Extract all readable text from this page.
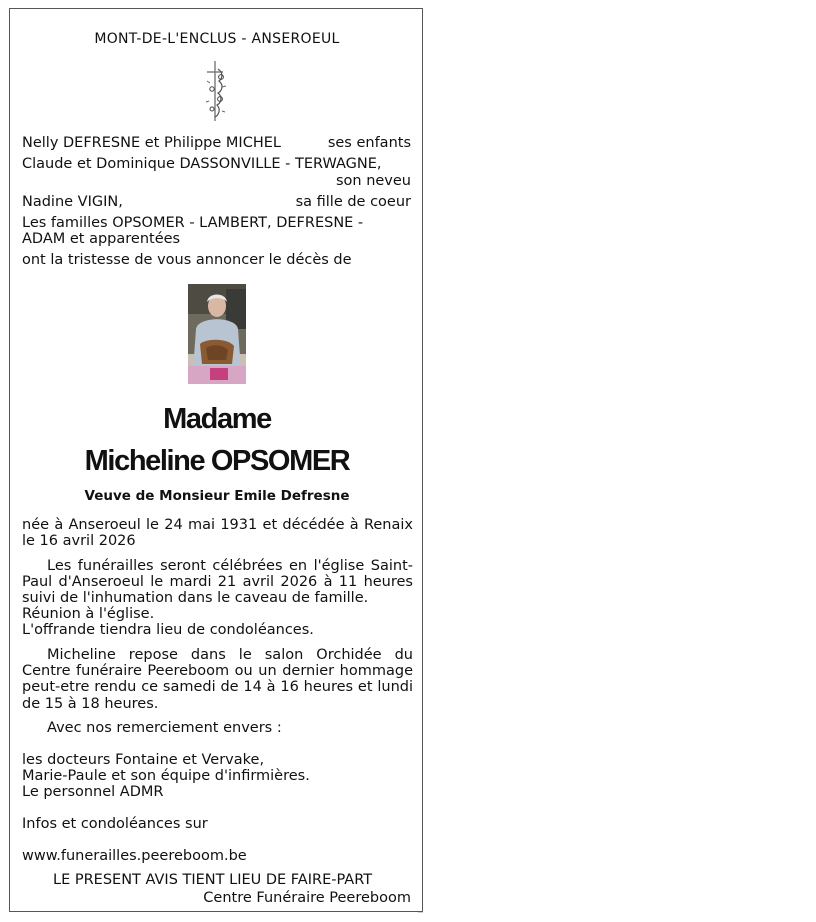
MONT-DE-L'ENCLUS - ANSEROEUL
Nelly DEFRESNE et Philippe MICHEL	ses enfants
Claude et Dominique DASSONVILLE - TERWAGNE,
son neveu
Nadine VIGIN,	sa fille de coeur
Les familles OPSOMER - LAMBERT, DEFRESNE -
ADAM et apparentées
ont la tristesse de vous annoncer le décès de
Madame
Micheline OPSOMER
Veuve de Monsieur Emile Defresne
née à Anseroeul le 24 mai 1931 et décédée à Renaix le 16 avril 2026
Les funérailles seront célébrées en l'église Saint-Paul d'Anseroeul le mardi 21 avril 2026 à 11 heures suivi de l'inhumation dans le caveau de famille.
Réunion à l'église.
L'offrande tiendra lieu de condoléances.
Micheline repose dans le salon Orchidée du Centre funéraire Peereboom ou un dernier hommage peut-etre rendu ce samedi de 14 à 16 heures et lundi de 15 à 18 heures.
Avec nos remerciement envers :
les docteurs Fontaine et Vervake,
Marie-Paule et son équipe d'infirmières.
Le personnel ADMR
Infos et condoléances sur
www.funerailles.peereboom.be
LE PRESENT AVIS TIENT LIEU DE FAIRE-PART
Centre Funéraire Peereboom
